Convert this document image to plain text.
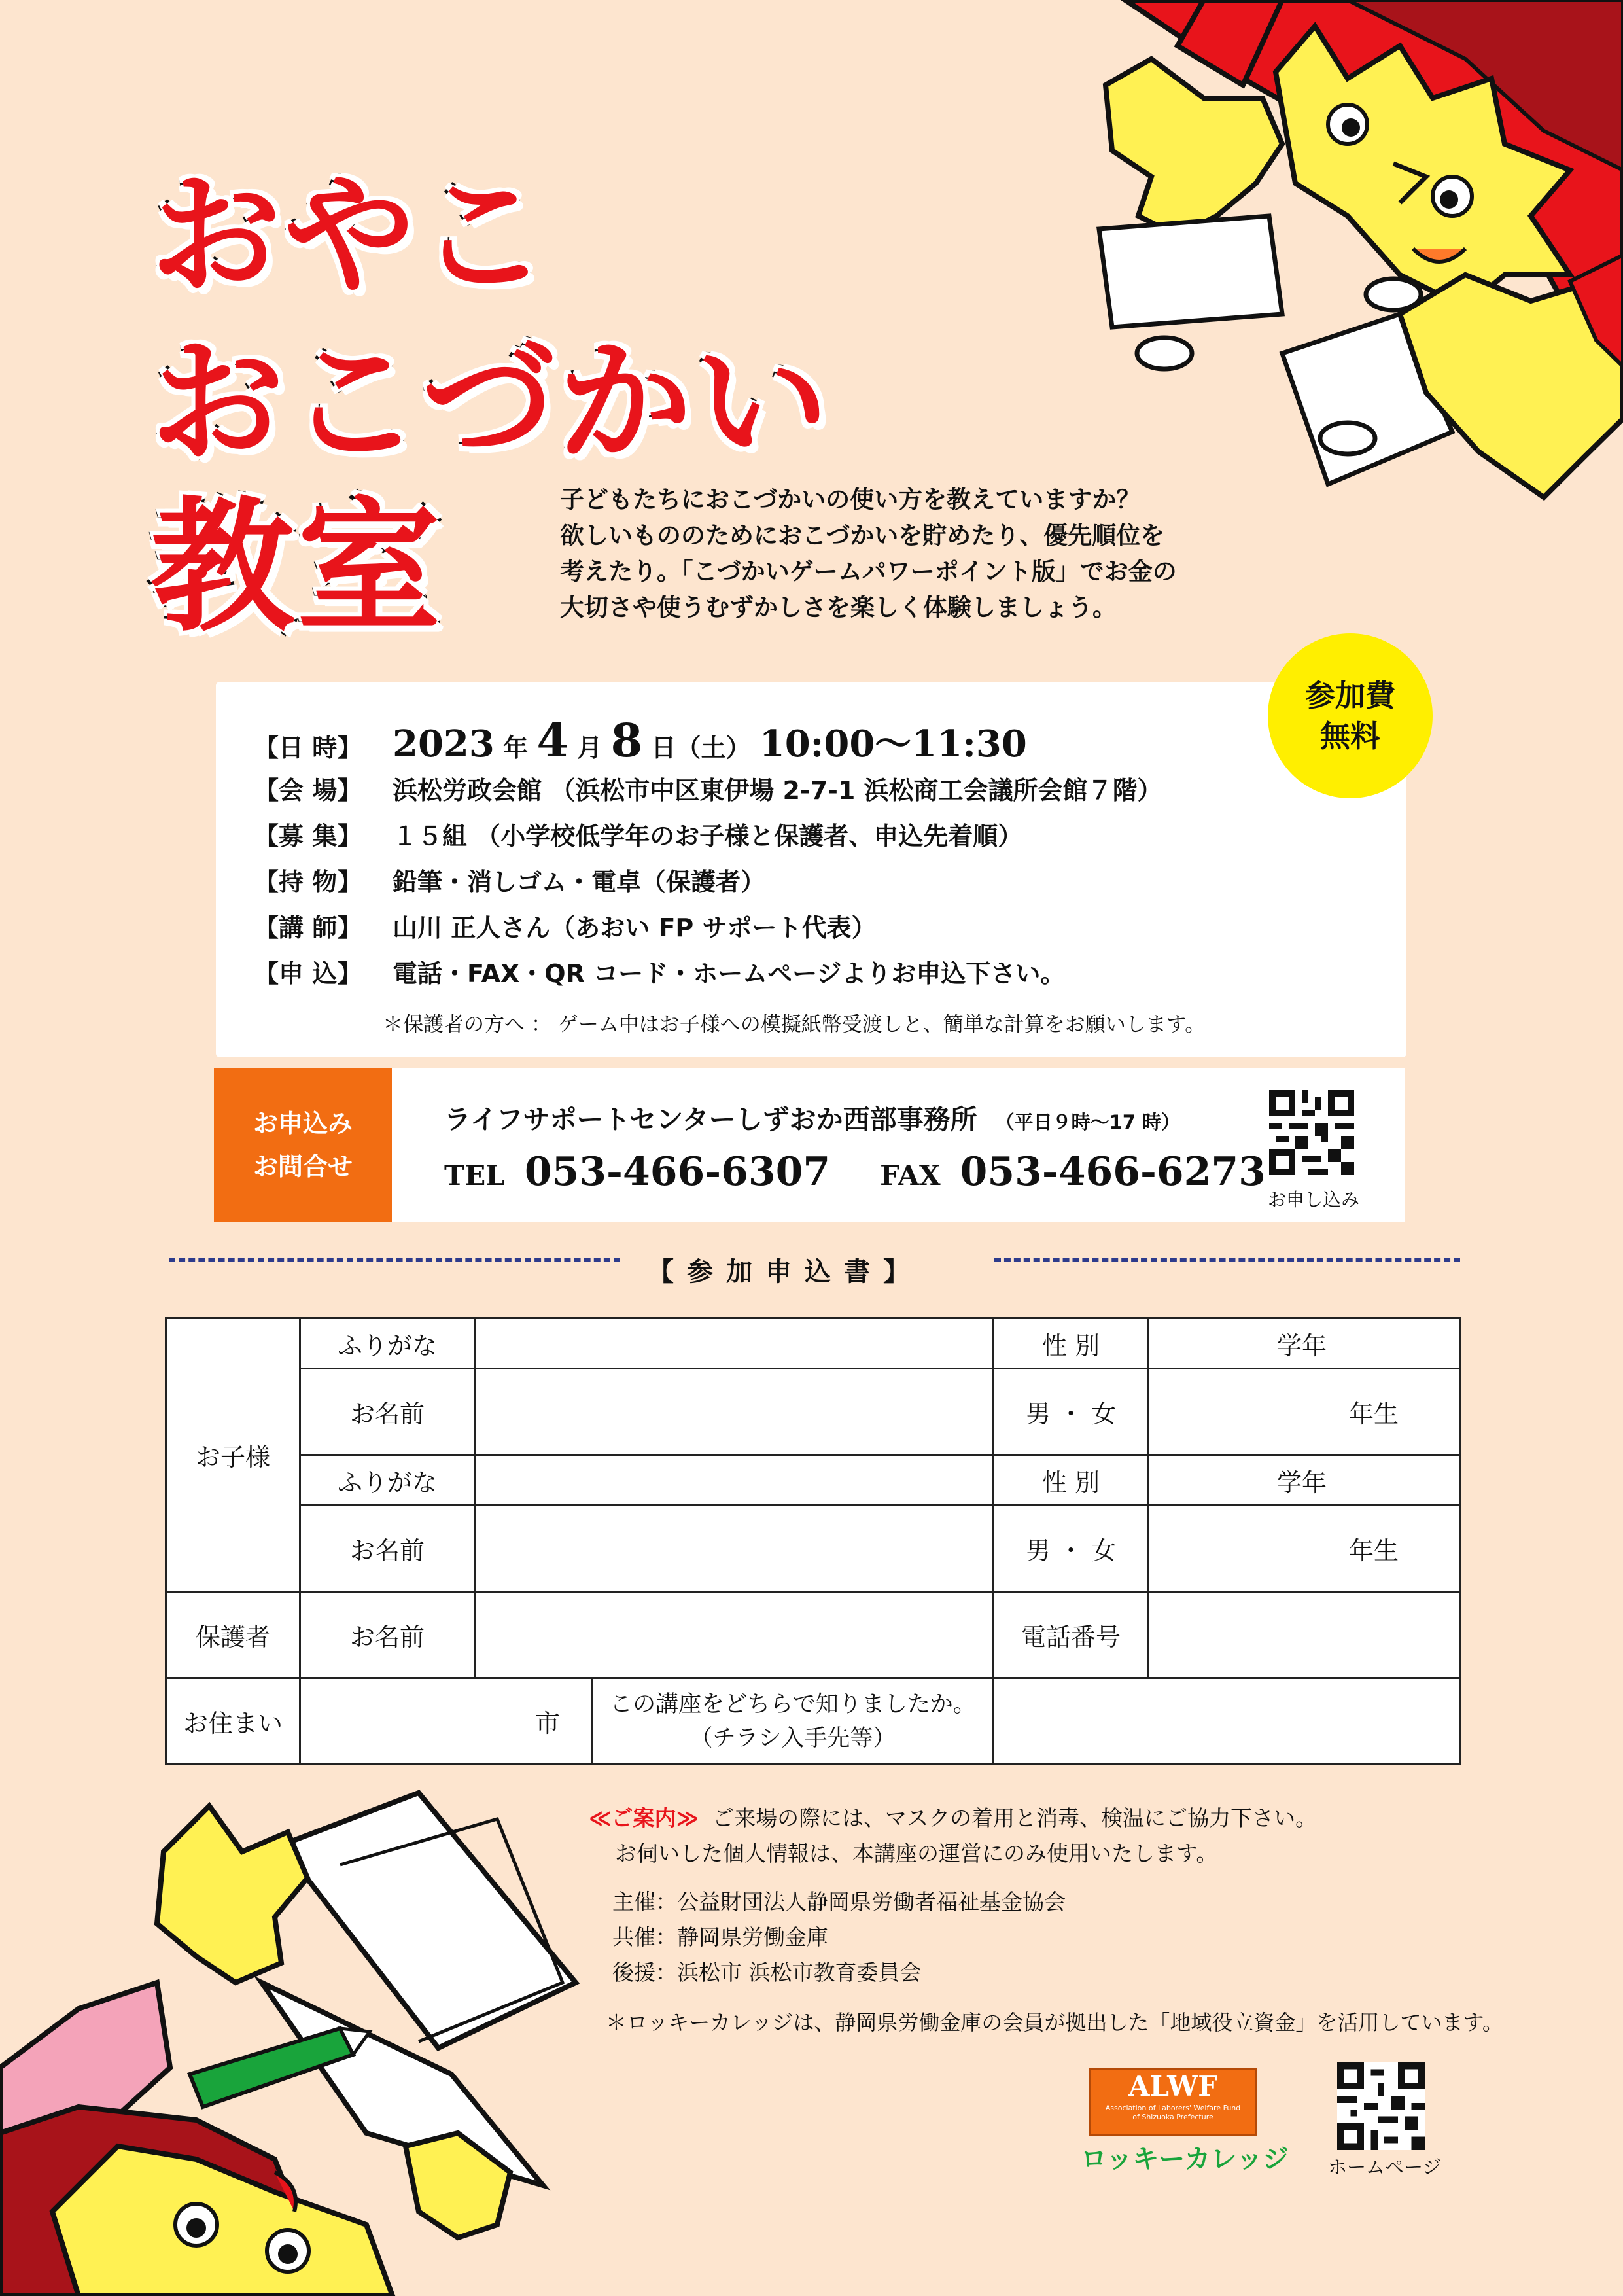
おやこ
おこづかい
教室	子どもたちにおこづかいの使い方を教えていますか？

欲しいもののためにおこづかいを貯めたり、優先順位を

考えたり。「こづかいゲームパワーポイント版」でお金の

大切さや使うむずかしさを楽しく体験しましょう。

【日 時】 2023 年 4 月 8 日（土） 10:00〜11:30
【会 場】 浜松労政会館 （浜松市中区東伊場 2-7-1 浜松商工会議所会館７階）
【募 集】 １５組 （小学校低学年のお子様と保護者、申込先着順）
【持 物】 鉛筆・消しゴム・電卓（保護者）
【講 師】 山川 正人さん（あおい FP サポート代表）
【申 込】 電話・FAX・QR コード・ホームページよりお申込下さい。
＊保護者の方へ ： ゲーム中はお子様への模擬紙幣受渡しと、簡単な計算をお願いします。
参加費
無料
お申込み
お問合せ
ライフサポートセンターしずおか西部事務所 （平日９時〜17 時）
TEL 053-466-6307 FAX 053-466-6273
お申し込み
【参加申込書】
お子様	ふりがな			性 別	学年
	お名前			男 ・ 女	年生
	ふりがな			性 別	学年
	お名前			男 ・ 女	年生
保護者	お名前			電話番号	
お住まい	市		この講座をどちらで知りましたか。
（チラシ入手先等）		

≪ご案内≫ ご来場の際には、マスクの着用と消毒、検温にご協力下さい。
お伺いした個人情報は、本講座の運営にのみ使用いたします。
主催：公益財団法人静岡県労働者福祉基金協会
共催：静岡県労働金庫
後援：浜松市 浜松市教育委員会
＊ロッキーカレッジは、静岡県労働金庫の会員が拠出した「地域役立資金」を活用しています。
ALWF
Association of Laborers' Welfare Fund
of Shizuoka Prefecture
ロッキーカレッジ ホームページ
